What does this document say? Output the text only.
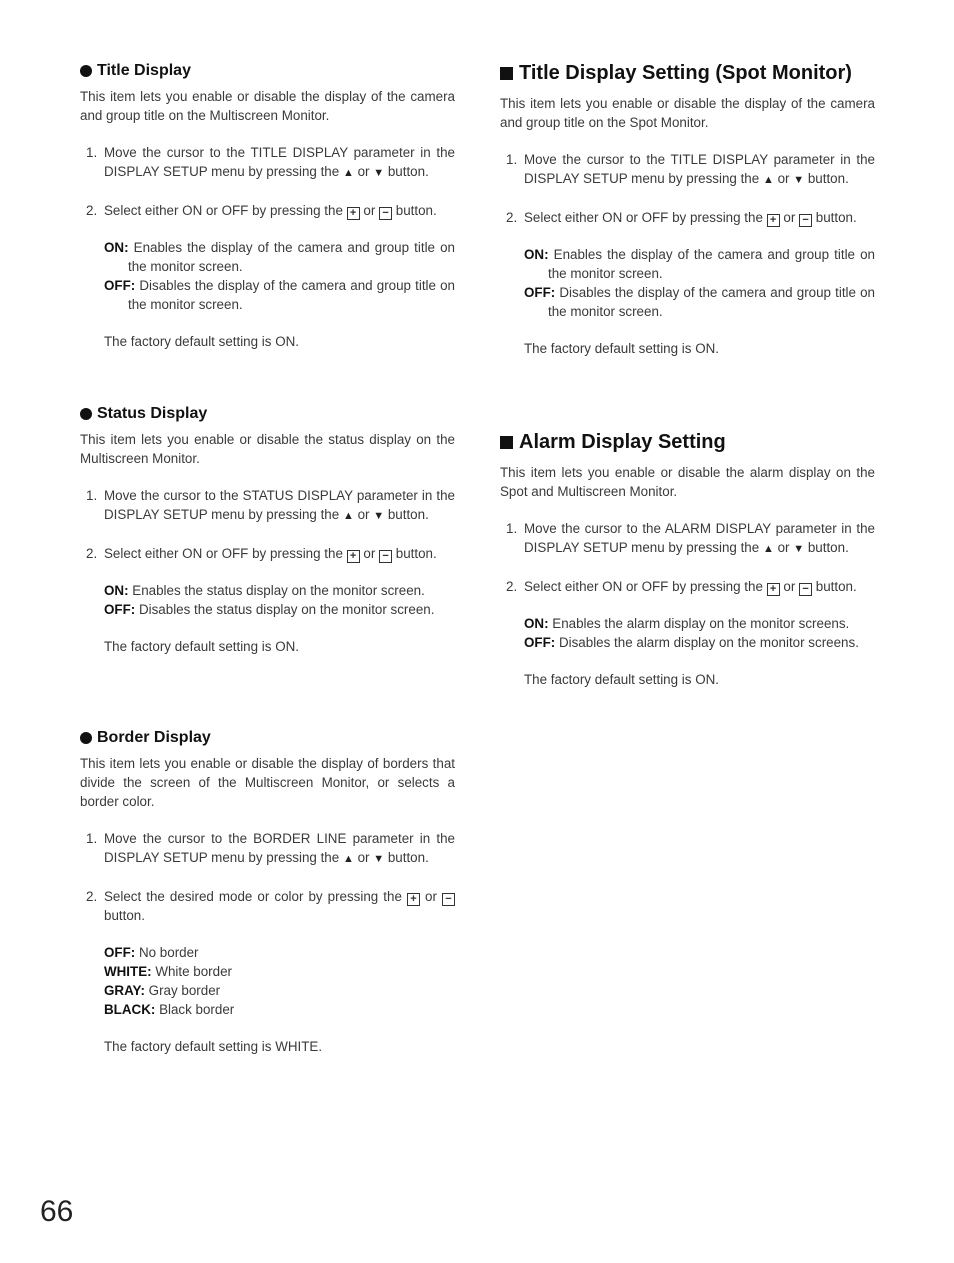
Title Display

This item lets you enable or disable the display of the camera and group title on the Multiscreen Monitor.

1. Move the cursor to the TITLE DISPLAY parameter in the DISPLAY SETUP menu by pressing the ▲ or ▼ button.
2. Select either ON or OFF by pressing the + or − button.
ON: Enables the display of the camera and group title on the monitor screen.
OFF: Disables the display of the camera and group title on the monitor screen.
The factory default setting is ON.
Status Display

This item lets you enable or disable the status display on the Multiscreen Monitor.

1. Move the cursor to the STATUS DISPLAY parameter in the DISPLAY SETUP menu by pressing the ▲ or ▼ button.
2. Select either ON or OFF by pressing the + or − button.
ON: Enables the status display on the monitor screen.
OFF: Disables the status display on the monitor screen.
The factory default setting is ON.
Border Display

This item lets you enable or disable the display of borders that divide the screen of the Multiscreen Monitor, or selects a border color.

1. Move the cursor to the BORDER LINE parameter in the DISPLAY SETUP menu by pressing the ▲ or ▼ button.
2. Select the desired mode or color by pressing the + or − button.
OFF: No border
WHITE: White border
GRAY: Gray border
BLACK: Black border
The factory default setting is WHITE.
Title Display Setting (Spot Monitor)

This item lets you enable or disable the display of the camera and group title on the Spot Monitor.

1. Move the cursor to the TITLE DISPLAY parameter in the DISPLAY SETUP menu by pressing the ▲ or ▼ button.
2. Select either ON or OFF by pressing the + or − button.
ON: Enables the display of the camera and group title on the monitor screen.
OFF: Disables the display of the camera and group title on the monitor screen.
The factory default setting is ON.
Alarm Display Setting

This item lets you enable or disable the alarm display on the Spot and Multiscreen Monitor.

1. Move the cursor to the ALARM DISPLAY parameter in the DISPLAY SETUP menu by pressing the ▲ or ▼ button.
2. Select either ON or OFF by pressing the + or − button.
ON: Enables the alarm display on the monitor screens.
OFF: Disables the alarm display on the monitor screens.
The factory default setting is ON.
66
